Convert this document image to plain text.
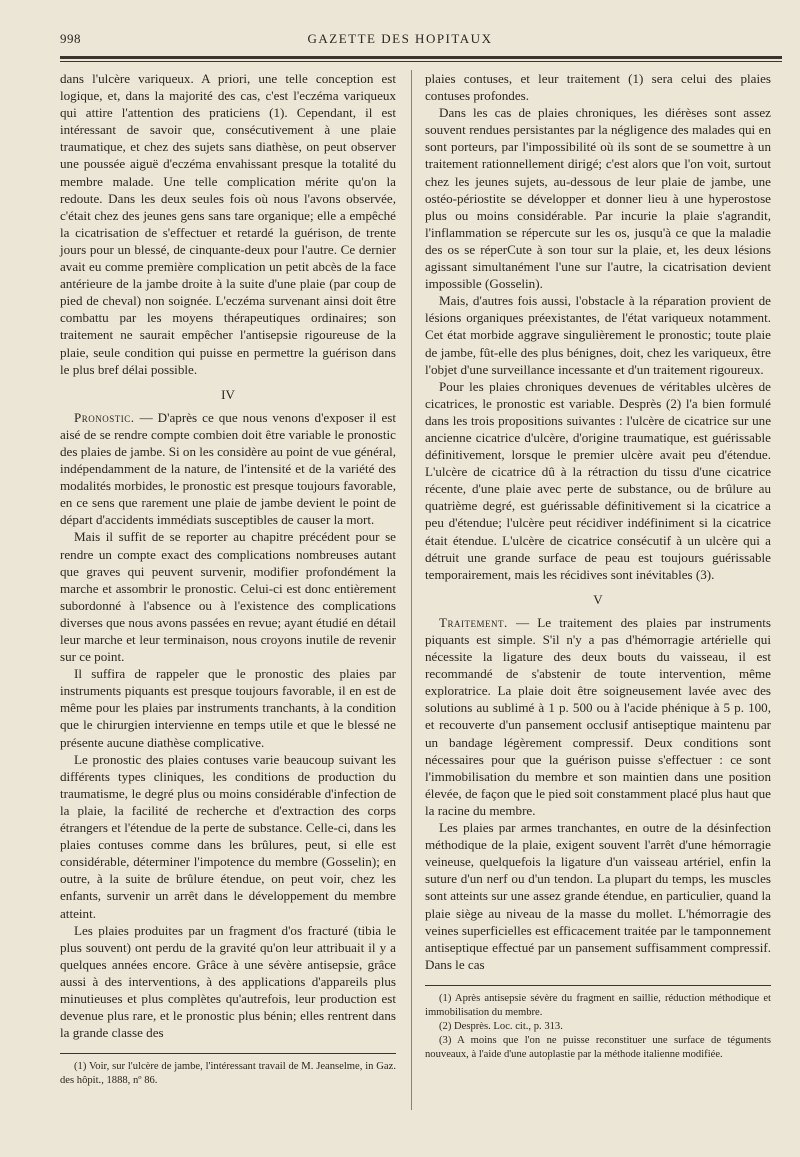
998	GAZETTE DES HOPITAUX

dans l'ulcère variqueux. A priori, une telle conception est logique, et, dans la majorité des cas, c'est l'eczéma variqueux qui attire l'attention des praticiens (1). Cependant, il est intéressant de savoir que, consécutivement à une plaie traumatique, et chez des sujets sans diathèse, on peut observer une poussée aiguë d'eczéma envahissant presque la totalité du membre malade. Une telle complication mérite qu'on la redoute. Dans les deux seules fois où nous l'avons observée, c'était chez des jeunes gens sans tare organique; elle a empêché la cicatrisation de s'effectuer et retardé la guérison, de trente jours pour un blessé, de cinquante-deux pour l'autre. Ce dernier avait eu comme première complication un petit abcès de la face antérieure de la jambe droite à la suite d'une plaie (par coup de pied de cheval) non soignée. L'eczéma survenant ainsi doit être combattu par les moyens thérapeutiques ordinaires; son traitement ne saurait empêcher l'antisepsie rigoureuse de la plaie, seule condition qui puisse en permettre la guérison dans le plus bref délai possible.

IV

Pronostic. — D'après ce que nous venons d'exposer il est aisé de se rendre compte combien doit être variable le pronostic des plaies de jambe. Si on les considère au point de vue général, indépendamment de la nature, de l'intensité et de la variété des modalités morbides, le pronostic est presque toujours favorable, en ce sens que rarement une plaie de jambe devient le point de départ d'accidents immédiats susceptibles de causer la mort.

Mais il suffit de se reporter au chapitre précédent pour se rendre un compte exact des complications nombreuses autant que graves qui peuvent survenir, modifier profondément la marche et assombrir le pronostic. Celui-ci est donc entièrement subordonné à l'absence ou à l'existence des complications diverses que nous avons passées en revue; ayant étudié en détail leur marche et leur terminaison, nous croyons inutile de revenir sur ce point.

Il suffira de rappeler que le pronostic des plaies par instruments piquants est presque toujours favorable, il en est de même pour les plaies par instruments tranchants, à la condition que le chirurgien intervienne en temps utile et que le blessé ne présente aucune diathèse complicative.

Le pronostic des plaies contuses varie beaucoup suivant les différents types cliniques, les conditions de production du traumatisme, le degré plus ou moins considérable d'infection de la plaie, la facilité de recherche et d'extraction des corps étrangers et l'étendue de la perte de substance. Celle-ci, dans les plaies contuses comme dans les brûlures, peut, si elle est considérable, déterminer l'impotence du membre (Gosselin); en outre, à la suite de brûlure étendue, on peut voir, chez les enfants, survenir un arrêt dans le développement du membre atteint.

Les plaies produites par un fragment d'os fracturé (tibia le plus souvent) ont perdu de la gravité qu'on leur attribuait il y a quelques années encore. Grâce à une sévère antisepsie, grâce aussi à des interventions, à des applications d'appareils plus minutieuses et plus complètes qu'autrefois, leur production est devenue plus rare, et le pronostic plus bénin; elles rentrent dans la grande classe des

(1) Voir, sur l'ulcère de jambe, l'intéressant travail de M. Jeanselme, in Gaz. des hôpit., 1888, nº 86.

plaies contuses, et leur traitement (1) sera celui des plaies contuses profondes.

Dans les cas de plaies chroniques, les diérèses sont assez souvent rendues persistantes par la négligence des malades qui en sont porteurs, par l'impossibilité où ils sont de se soumettre à un traitement rationnellement dirigé; c'est alors que l'on voit, surtout chez les jeunes sujets, au-dessous de leur plaie de jambe, une ostéo-périostite se développer et donner lieu à une hyperostose plus ou moins considérable. Par incurie la plaie s'agrandit, l'inflammation se répercute sur les os, jusqu'à ce que la maladie des os se réperCute à son tour sur la plaie, et, les deux lésions agissant simultanément l'une sur l'autre, la cicatrisation devient impossible (Gosselin).

Mais, d'autres fois aussi, l'obstacle à la réparation provient de lésions organiques préexistantes, de l'état variqueux notamment. Cet état morbide aggrave singulièrement le pronostic; toute plaie de jambe, fût-elle des plus bénignes, doit, chez les variqueux, être l'objet d'une surveillance incessante et d'un traitement rigoureux.

Pour les plaies chroniques devenues de véritables ulcères de cicatrices, le pronostic est variable. Desprès (2) l'a bien formulé dans les trois propositions suivantes : l'ulcère de cicatrice sur une ancienne cicatrice d'ulcère, d'origine traumatique, est guérissable définitivement, lorsque le premier ulcère avait peu d'étendue. L'ulcère de cicatrice dû à la rétraction du tissu d'une cicatrice récente, d'une plaie avec perte de substance, ou de brûlure au quatrième degré, est guérissable définitivement si la cicatrice a peu d'étendue; l'ulcère peut récidiver indéfiniment si la cicatrice était étendue. L'ulcère de cicatrice consécutif à un ulcère qui a détruit une grande surface de peau est toujours guérissable temporairement, mais les récidives sont inévitables (3).

V

Traitement. — Le traitement des plaies par instruments piquants est simple. S'il n'y a pas d'hémorragie artérielle qui nécessite la ligature des deux bouts du vaisseau, il est recommandé de s'abstenir de toute intervention, même exploratrice. La plaie doit être soigneusement lavée avec des solutions au sublimé à 1 p. 500 ou à l'acide phénique à 5 p. 100, et recouverte d'un pansement occlusif antiseptique maintenu par un bandage légèrement compressif. Deux conditions sont nécessaires pour que la guérison puisse s'effectuer : ce sont l'immobilisation du membre et son maintien dans une position élevée, de façon que le pied soit constamment placé plus haut que la racine du membre.

Les plaies par armes tranchantes, en outre de la désinfection méthodique de la plaie, exigent souvent l'arrêt d'une hémorragie veineuse, quelquefois la ligature d'un vaisseau artériel, enfin la suture d'un nerf ou d'un tendon. La plupart du temps, les muscles sont atteints sur une assez grande étendue, en particulier, quand la plaie siège au niveau de la masse du mollet. L'hémorragie des veines superficielles est efficacement traitée par le tamponnement antiseptique effectué par un pansement suffisamment compressif. Dans le cas

(1) Après antisepsie sévère du fragment en saillie, réduction méthodique et immobilisation du membre.

(2) Desprès. Loc. cit., p. 313.

(3) A moins que l'on ne puisse reconstituer une surface de téguments nouveaux, à l'aide d'une autoplastie par la méthode italienne modifiée.
